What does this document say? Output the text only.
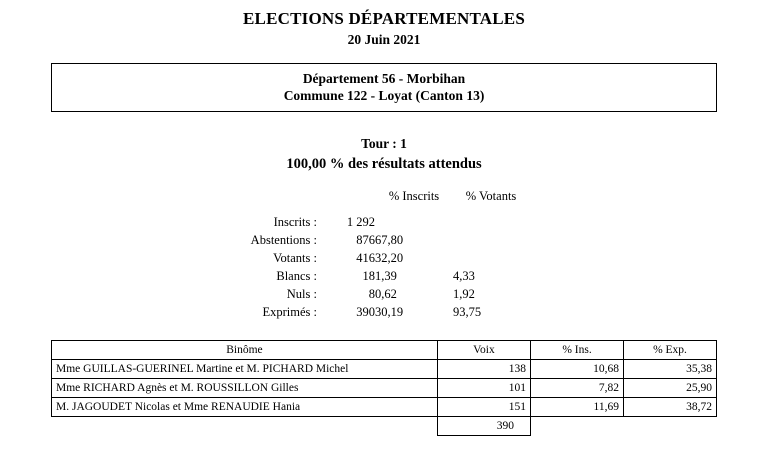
ELECTIONS DÉPARTEMENTALES
20 Juin 2021
Département 56 - Morbihan
Commune 122 - Loyat (Canton 13)
Tour : 1
100,00 % des résultats attendus
		% Inscrits	% Votants
Inscrits :	1 292		
Abstentions :	876	67,80	
Votants :	416	32,20	
Blancs :	18	1,39	4,33
Nuls :	8	0,62	1,92
Exprimés :	390	30,19	93,75
Binôme	Voix	% Ins.	% Exp.
Mme GUILLAS-GUERINEL Martine et M. PICHARD Michel	138	10,68	35,38
Mme RICHARD Agnès et M. ROUSSILLON Gilles	101	7,82	25,90
M. JAGOUDET Nicolas et Mme RENAUDIE Hania	151	11,69	38,72
	390		
